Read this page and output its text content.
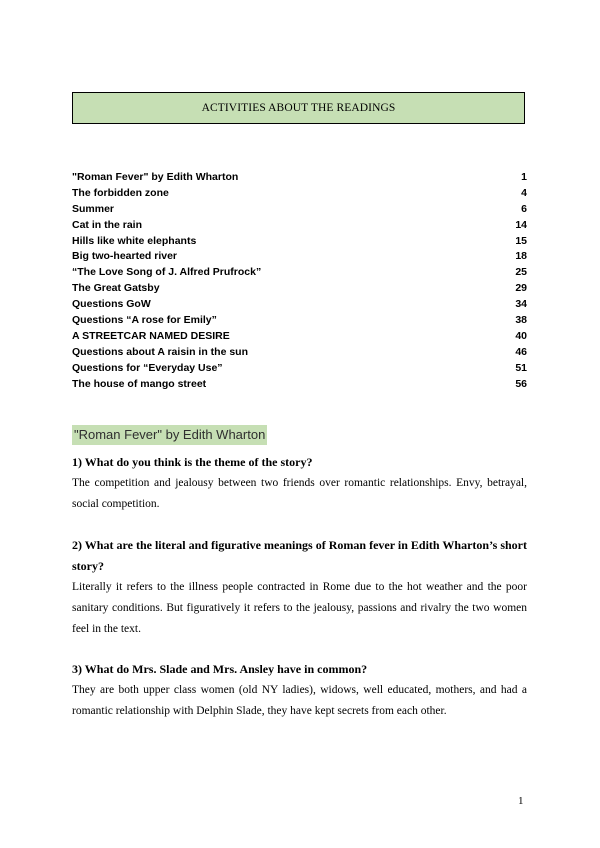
ACTIVITIES ABOUT THE READINGS
"Roman Fever" by Edith Wharton	1
The forbidden zone	4
Summer	6
Cat in the rain	14
Hills like white elephants	15
Big two-hearted river	18
“The Love Song of J. Alfred Prufrock”	25
The Great Gatsby	29
Questions GoW	34
Questions “A rose for Emily”	38
A STREETCAR NAMED DESIRE	40
Questions about A raisin in the sun	46
Questions for “Everyday Use”	51
The house of mango street	56
"Roman Fever" by Edith Wharton

1) What do you think is the theme of the story?

The competition and jealousy between two friends over romantic relationships. Envy, betrayal, social competition.

2) What are the literal and figurative meanings of Roman fever in Edith Wharton’s short story?

Literally it refers to the illness people contracted in Rome due to the hot weather and the poor sanitary conditions. But figuratively it refers to the jealousy, passions and rivalry the two women feel in the text.

3) What do Mrs. Slade and Mrs. Ansley have in common?

They are both upper class women (old NY ladies), widows, well educated, mothers, and had a romantic relationship with Delphin Slade, they have kept secrets from each other.

1
